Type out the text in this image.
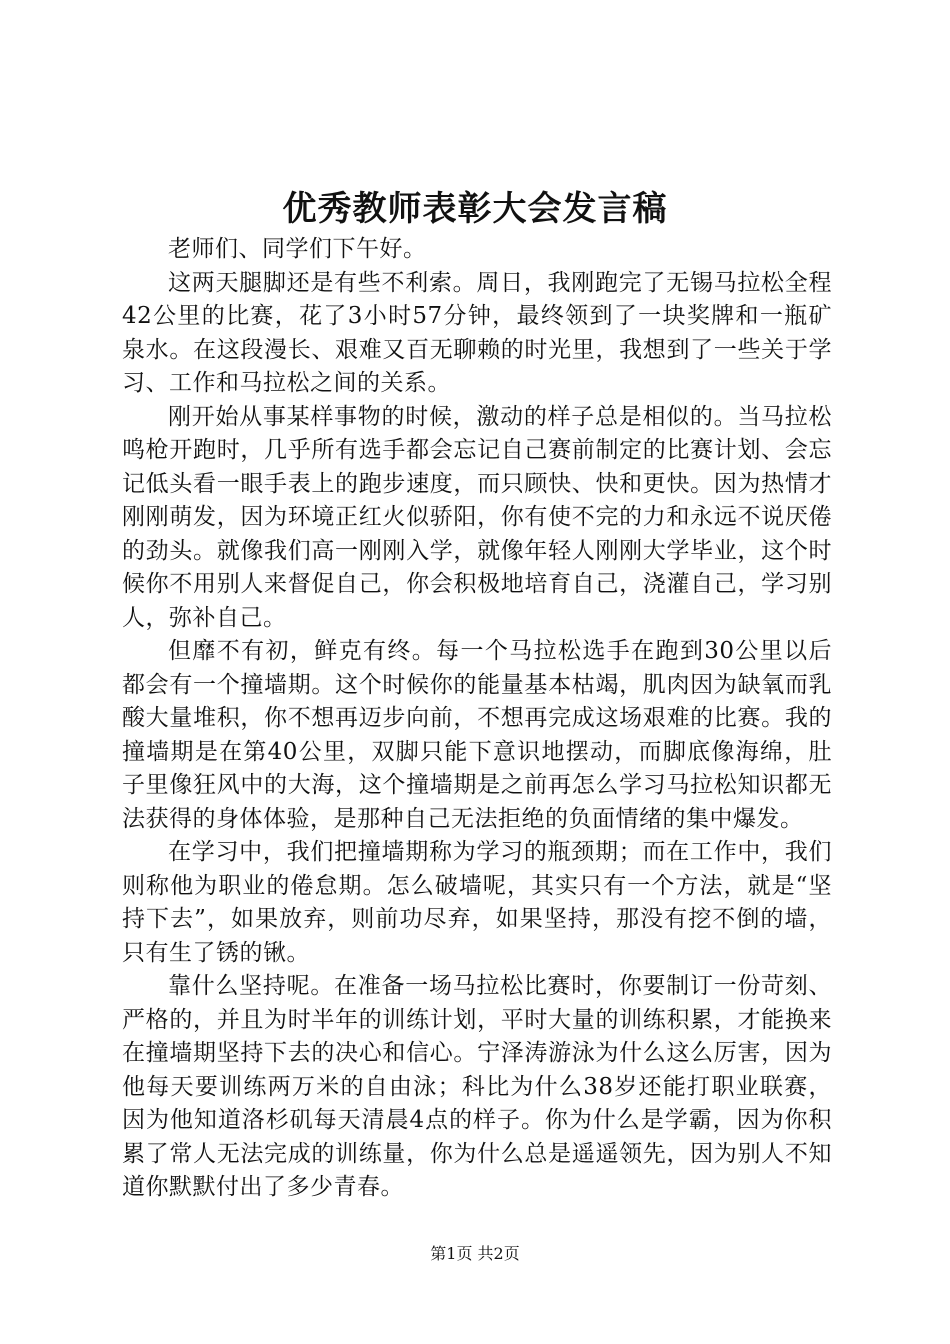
优秀教师表彰大会发言稿

老师们、同学们下午好。

这两天腿脚还是有些不利索。周日，我刚跑完了无锡马拉松全程42公里的比赛，花了3小时57分钟，最终领到了一块奖牌和一瓶矿泉水。在这段漫长、艰难又百无聊赖的时光里，我想到了一些关于学习、工作和马拉松之间的关系。

刚开始从事某样事物的时候，激动的样子总是相似的。当马拉松鸣枪开跑时，几乎所有选手都会忘记自己赛前制定的比赛计划、会忘记低头看一眼手表上的跑步速度，而只顾快、快和更快。因为热情才刚刚萌发，因为环境正红火似骄阳，你有使不完的力和永远不说厌倦的劲头。就像我们高一刚刚入学，就像年轻人刚刚大学毕业，这个时候你不用别人来督促自己，你会积极地培育自己，浇灌自己，学习别人，弥补自己。

但靡不有初，鲜克有终。每一个马拉松选手在跑到30公里以后都会有一个撞墙期。这个时候你的能量基本枯竭，肌肉因为缺氧而乳酸大量堆积，你不想再迈步向前，不想再完成这场艰难的比赛。我的撞墙期是在第40公里，双脚只能下意识地摆动，而脚底像海绵，肚子里像狂风中的大海，这个撞墙期是之前再怎么学习马拉松知识都无法获得的身体体验，是那种自己无法拒绝的负面情绪的集中爆发。

在学习中，我们把撞墙期称为学习的瓶颈期；而在工作中，我们则称他为职业的倦怠期。怎么破墙呢，其实只有一个方法，就是“坚持下去”，如果放弃，则前功尽弃，如果坚持，那没有挖不倒的墙，只有生了锈的锹。

靠什么坚持呢。在准备一场马拉松比赛时，你要制订一份苛刻、严格的，并且为时半年的训练计划，平时大量的训练积累，才能换来在撞墙期坚持下去的决心和信心。宁泽涛游泳为什么这么厉害，因为他每天要训练两万米的自由泳；科比为什么38岁还能打职业联赛，因为他知道洛杉矶每天清晨4点的样子。你为什么是学霸，因为你积累了常人无法完成的训练量，你为什么总是遥遥领先，因为别人不知道你默默付出了多少青春。

第1页 共2页
